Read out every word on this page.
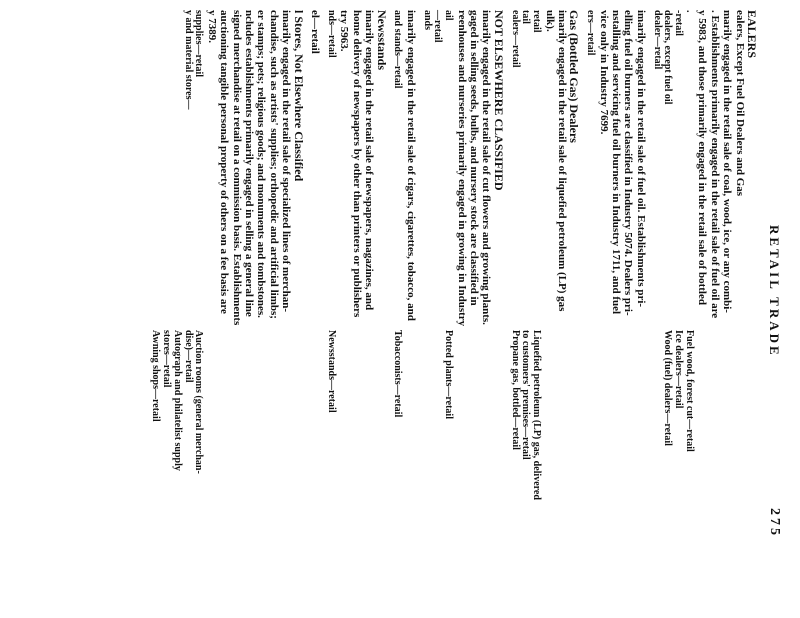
RETAIL TRADE
275
EALERS
ealers, Except Fuel Oil Dealers and Gas
marily engaged in the retail sale of coal, wood, ice, or any combi-
. Establishments primarily engaged in the retail sale of fuel oil are
y 5983, and those primarily engaged in the retail sale of bottled
.
-retail
dealers, except fuel oil
dealer—retail
Fuel wood, forest cut—retail
Ice dealers—retail
Wood (fuel) dealers—retail
imarily engaged in the retail sale of fuel oil. Establishments pri-
elling fuel oil burners are classified in Industry 5074. Dealers pri-
nstalling and servicing fuel oil burners in Industry 1711, and fuel
vice only in Industry 7699.
ers—retail
Gas (Bottled Gas) Dealers
imarily engaged in the retail sale of liquefied petroleum (LP) gas
ulk).
retail
tail
ealers—retail
Liquefied petroleum (LP) gas, delivered
to customers' premises—retail
Propane gas, bottled—retail
NOT ELSEWHERE CLASSIFIED
imarily engaged in the retail sale of cut flowers and growing plants.
gaged in selling seeds, bulbs, and nursery stock are classified in
reenhouses and nurseries primarily engaged in growing in Industry
ail
—retail
ands
Potted plants—retail
imarily engaged in the retail sale of cigars, cigarettes, tobacco, and
and stands—retail
Tobacconists—retail
Newsstands
imarily engaged in the retail sale of newspapers, magazines, and
home delivery of newspapers by other than printers or publishers
try 5963.
nds—retail
Newsstands—retail
el—retail
l Stores, Not Elsewhere Classified
imarily engaged in the retail sale of specialized lines of merchan-
chandise, such as artists' supplies; orthopedic and artificial limbs;
er stamps; pets; religious goods; and monuments and tombstones.
ncludes establishments primarily engaged in selling a general line
signed merchandise at retail on a commission basis. Establishments
auctioning tangible personal property of others on a fee basis are
y 7389.
supplies—retail
y and material stores—
Auction rooms (general merchan-
dise)—retail
Autograph and philatelist supply
stores—retail
Awning shops—retail
